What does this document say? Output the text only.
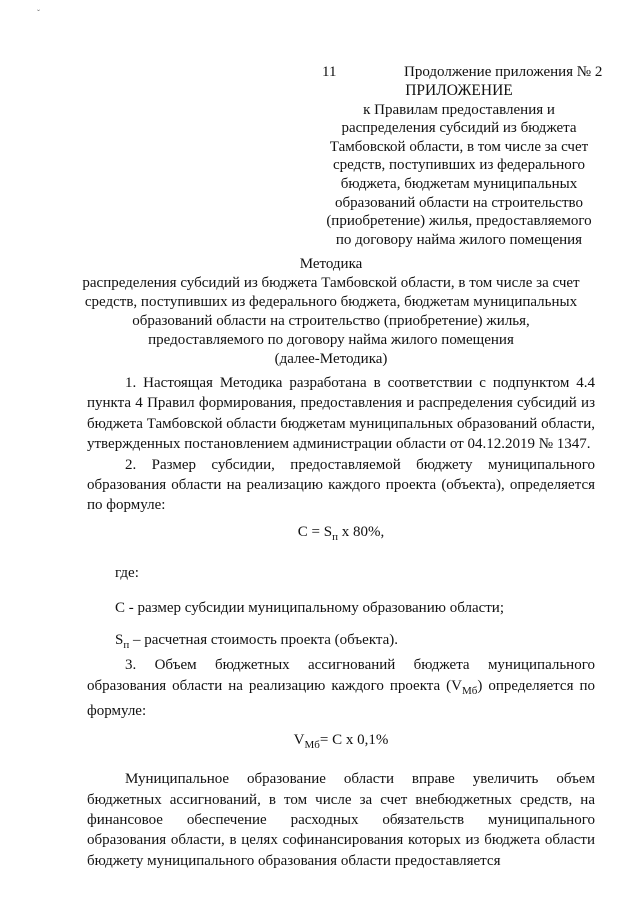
ˇ
11	Продолжение приложения № 2
ПРИЛОЖЕНИЕ
к Правилам предоставления и
распределения субсидий из бюджета
Тамбовской области, в том числе за счет
средств, поступивших из федерального
бюджета, бюджетам муниципальных
образований области на строительство
(приобретение) жилья, предоставляемого
по договору найма жилого помещения
Методика
распределения субсидий из бюджета Тамбовской области, в том числе за счет
средств, поступивших из федерального бюджета, бюджетам муниципальных
образований области на строительство (приобретение) жилья,
предоставляемого по договору найма жилого помещения
(далее-Методика)

1. Настоящая Методика разработана в соответствии с подпунктом 4.4 пункта 4 Правил формирования, предоставления и распределения субсидий из бюджета Тамбовской области бюджетам муниципальных образований области, утвержденных постановлением администрации области от 04.12.2019 № 1347.

2. Размер субсидии, предоставляемой бюджету муниципального образования области на реализацию каждого проекта (объекта), определяется по формуле:

$C = S_п$ x 80%,

где:

С - размер субсидии муниципальному образованию области;

$S_п$ – расчетная стоимость проекта (объекта).

3. Объем бюджетных ассигнований бюджета муниципального образования области на реализацию каждого проекта $(V_{Мб})$ определяется по формуле:

$V_{Мб}= C$ x 0,1%

Муниципальное образование области вправе увеличить объем бюджетных ассигнований, в том числе за счет внебюджетных средств, на финансовое обеспечение расходных обязательств муниципального образования области, в целях софинансирования которых из бюджета области бюджету муниципального образования области предоставляется
